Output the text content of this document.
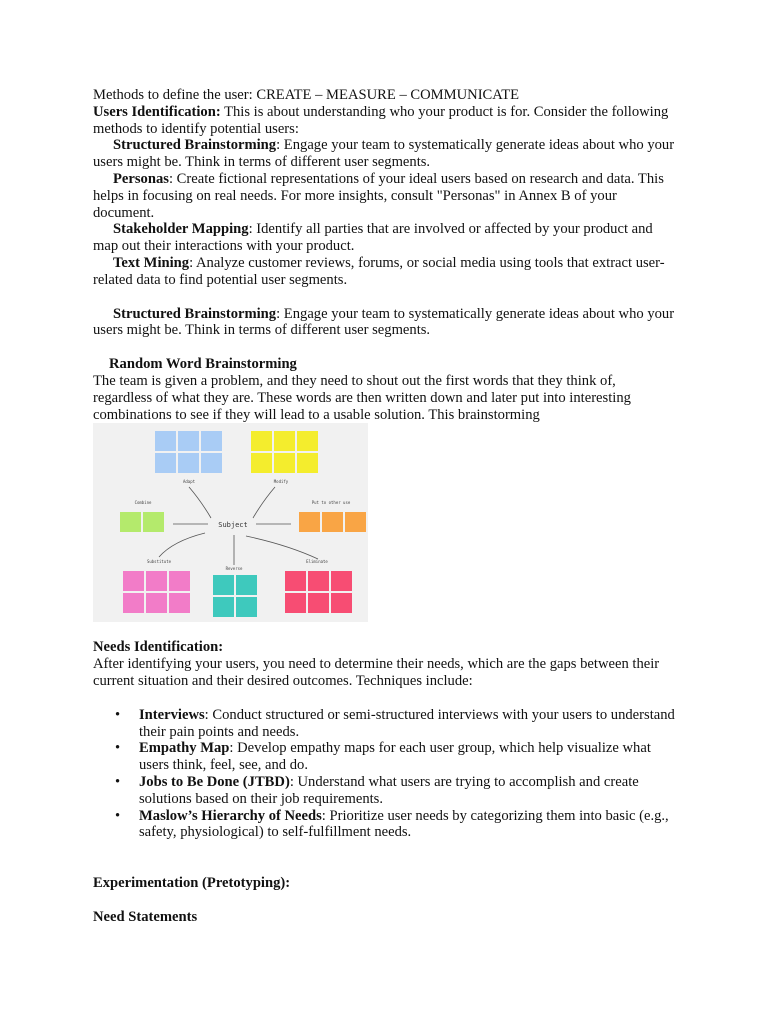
Methods to define the user: CREATE – MEASURE – COMMUNICATE

Users Identification: This is about understanding who your product is for. Consider the following methods to identify potential users:

Structured Brainstorming: Engage your team to systematically generate ideas about who your users might be. Think in terms of different user segments.

Personas: Create fictional representations of your ideal users based on research and data. This helps in focusing on real needs. For more insights, consult "Personas" in Annex B of your document.

Stakeholder Mapping: Identify all parties that are involved or affected by your product and map out their interactions with your product.

Text Mining: Analyze customer reviews, forums, or social media using tools that extract user-related data to find potential user segments.

Structured Brainstorming: Engage your team to systematically generate ideas about who your users might be. Think in terms of different user segments.

Random Word Brainstorming

The team is given a problem, and they need to shout out the first words that they think of, regardless of what they are. These words are then written down and later put into interesting combinations to see if they will lead to a usable solution. This brainstorming

Adapt	Modify
Combine	Put to other use
Substitute
Reverse
Eliminate
Subject

Needs Identification:

After identifying your users, you need to determine their needs, which are the gaps between their current situation and their desired outcomes. Techniques include:

•	Interviews: Conduct structured or semi-structured interviews with your users to understand their pain points and needs.
•	Empathy Map: Develop empathy maps for each user group, which help visualize what users think, feel, see, and do.
•	Jobs to Be Done (JTBD): Understand what users are trying to accomplish and create solutions based on their job requirements.
•	Maslow’s Hierarchy of Needs: Prioritize user needs by categorizing them into basic (e.g., safety, physiological) to self-fulfillment needs.

Experimentation (Pretotyping):

Need Statements
